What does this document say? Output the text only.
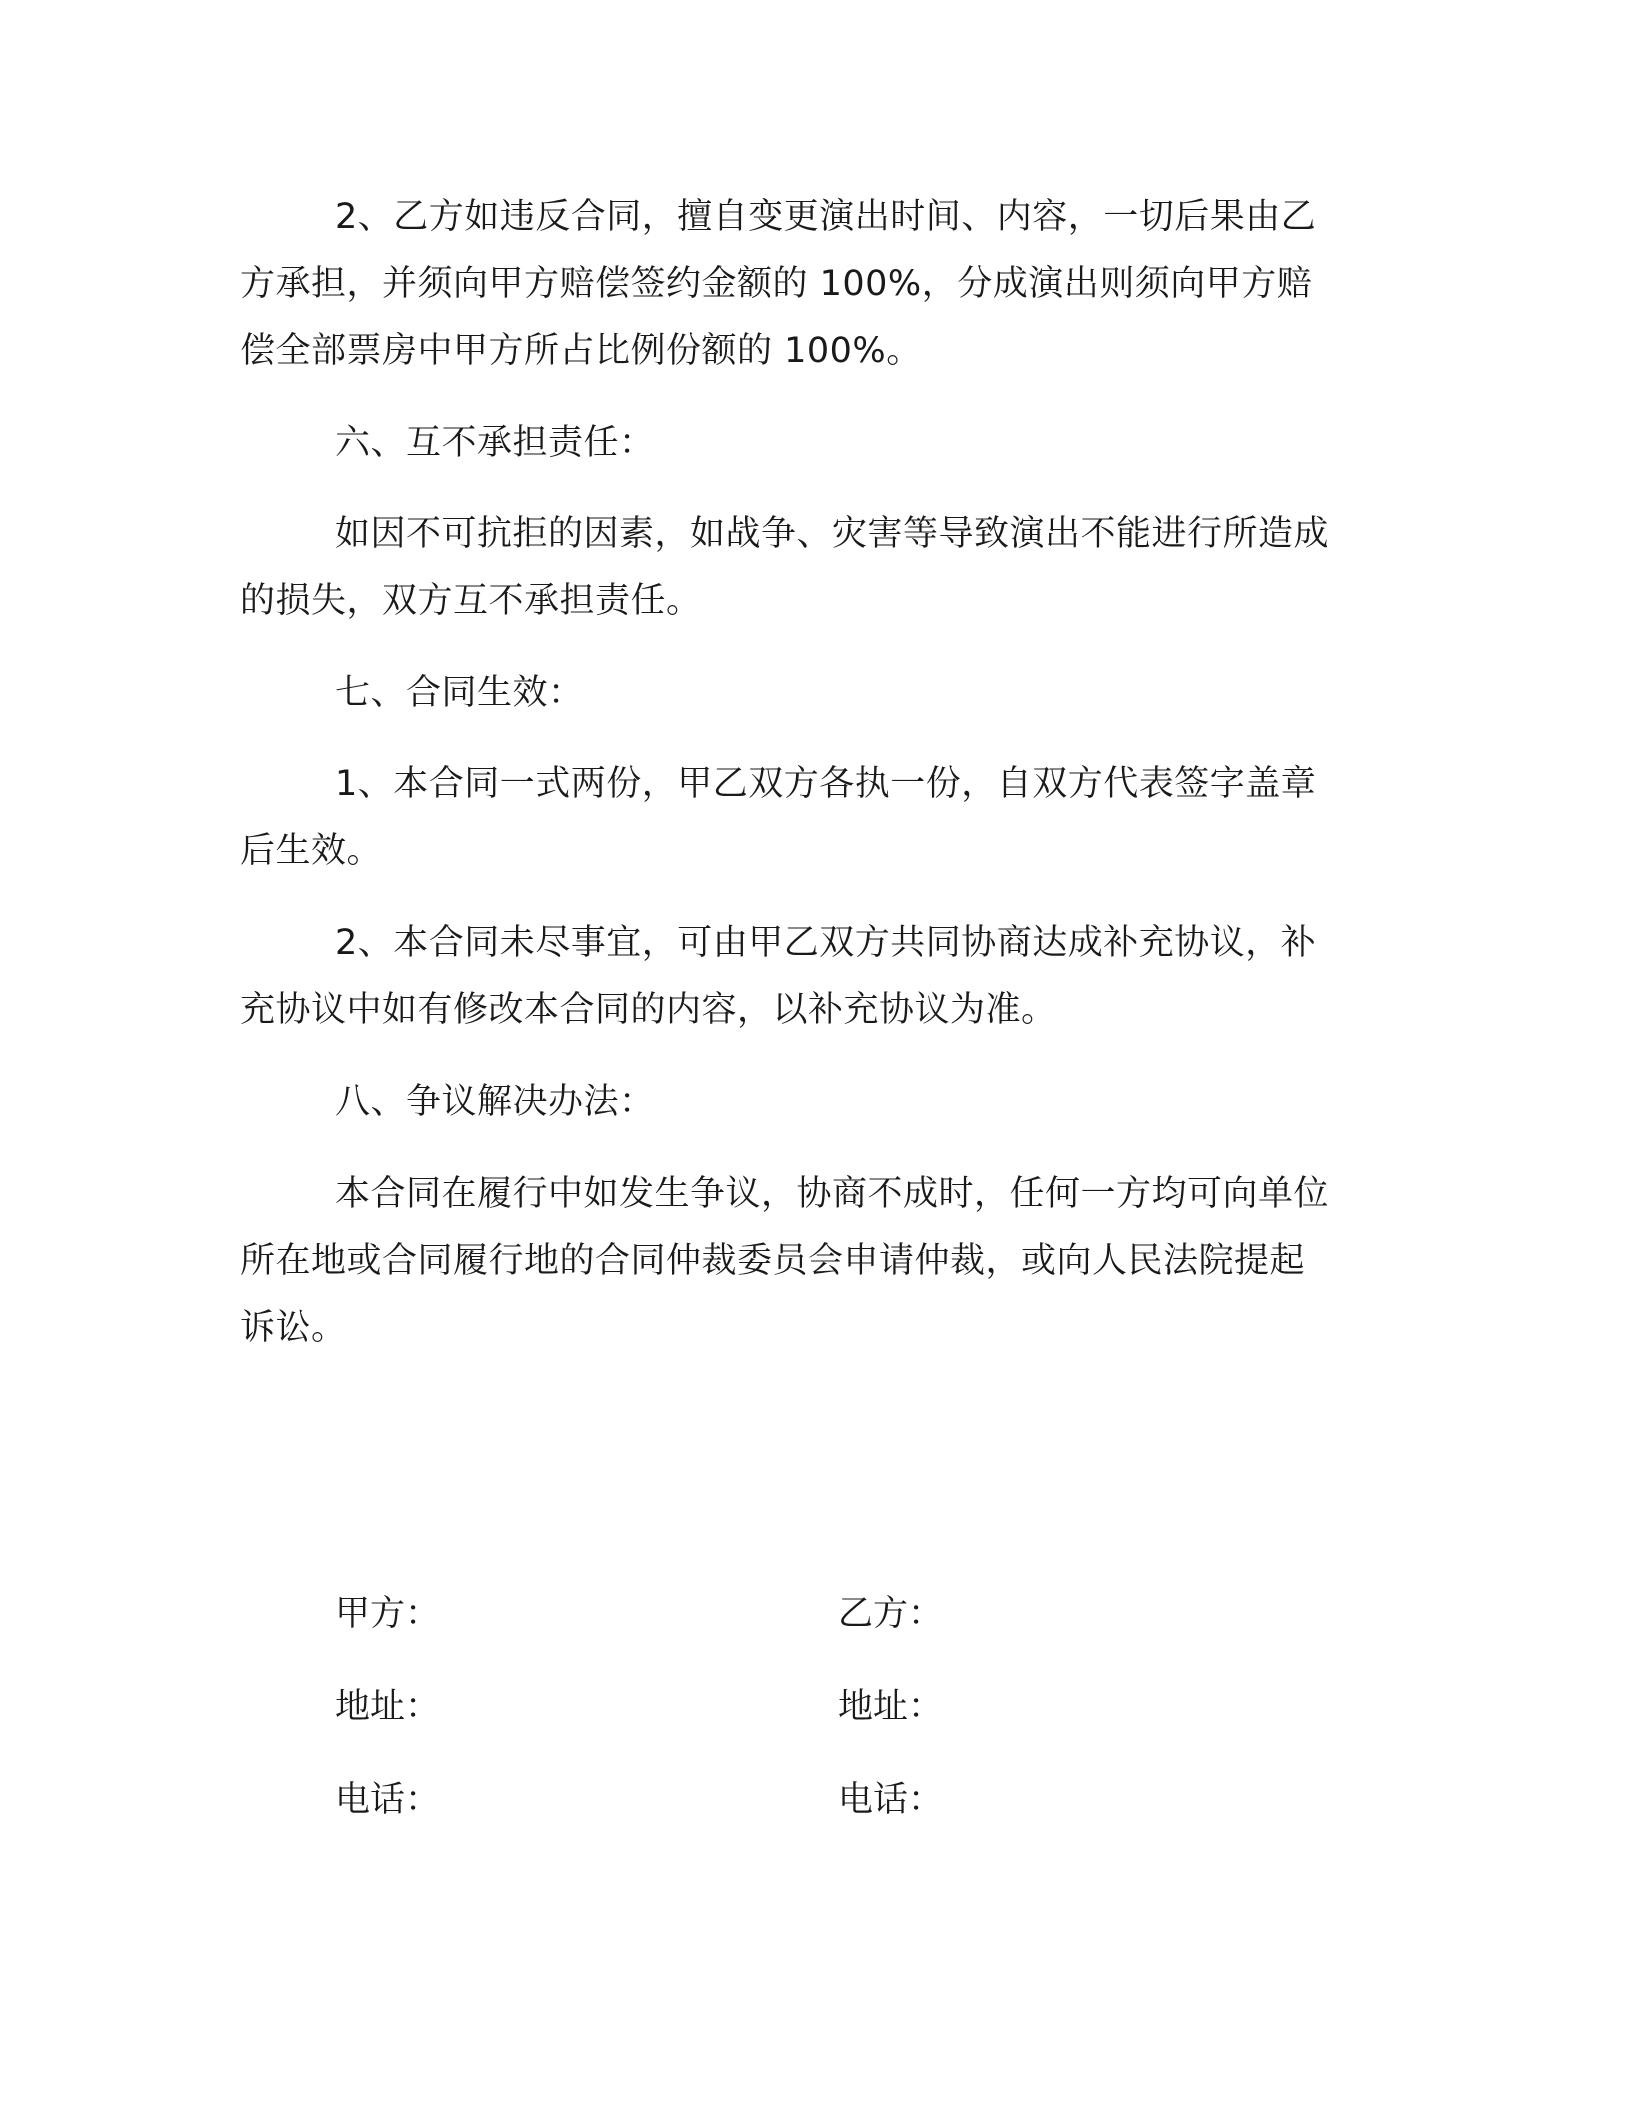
2、乙方如违反合同，擅自变更演出时间、内容，一切后果由乙
方承担，并须向甲方赔偿签约金额的 100%，分成演出则须向甲方赔
偿全部票房中甲方所占比例份额的 100%。
六、互不承担责任：
如因不可抗拒的因素，如战争、灾害等导致演出不能进行所造成
的损失，双方互不承担责任。
七、合同生效：
1、本合同一式两份，甲乙双方各执一份，自双方代表签字盖章
后生效。
2、本合同未尽事宜，可由甲乙双方共同协商达成补充协议，补
充协议中如有修改本合同的内容，以补充协议为准。
八、争议解决办法：
本合同在履行中如发生争议，协商不成时，任何一方均可向单位
所在地或合同履行地的合同仲裁委员会申请仲裁，或向人民法院提起
诉讼。
甲方：	乙方：
地址：	地址：
电话：	电话：
